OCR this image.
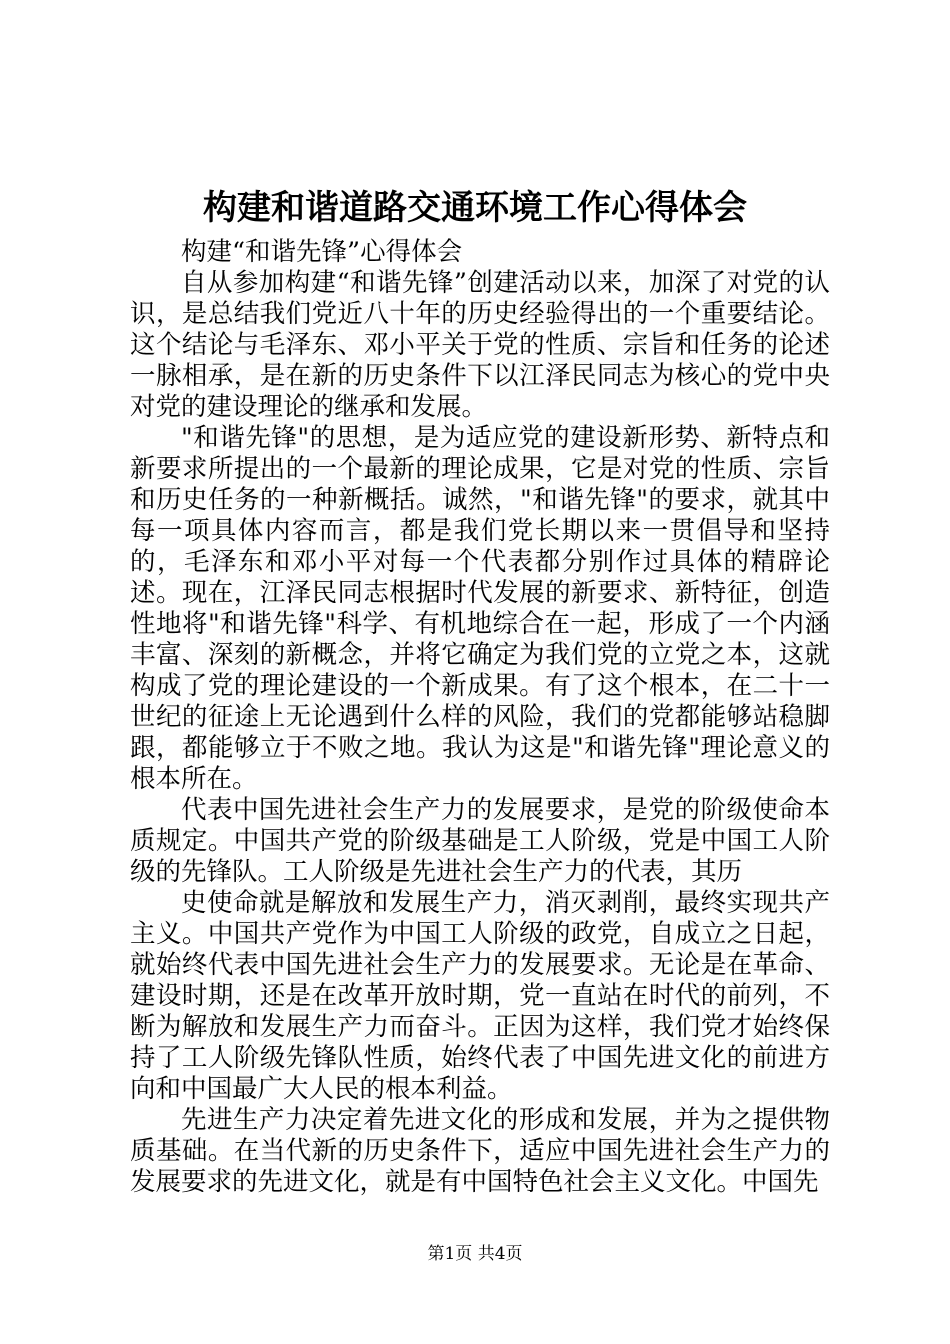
构建和谐道路交通环境工作心得体会

构建“和谐先锋”心得体会

自从参加构建“和谐先锋”创建活动以来，加深了对党的认识，是总结我们党近八十年的历史经验得出的一个重要结论。这个结论与毛泽东、邓小平关于党的性质、宗旨和任务的论述一脉相承，是在新的历史条件下以江泽民同志为核心的党中央对党的建设理论的继承和发展。

"和谐先锋"的思想，是为适应党的建设新形势、新特点和新要求所提出的一个最新的理论成果，它是对党的性质、宗旨和历史任务的一种新概括。诚然，"和谐先锋"的要求，就其中每一项具体内容而言，都是我们党长期以来一贯倡导和坚持的，毛泽东和邓小平对每一个代表都分别作过具体的精辟论述。现在，江泽民同志根据时代发展的新要求、新特征，创造性地将"和谐先锋"科学、有机地综合在一起，形成了一个内涵丰富、深刻的新概念，并将它确定为我们党的立党之本，这就构成了党的理论建设的一个新成果。有了这个根本，在二十一世纪的征途上无论遇到什么样的风险，我们的党都能够站稳脚跟，都能够立于不败之地。我认为这是"和谐先锋"理论意义的根本所在。

代表中国先进社会生产力的发展要求，是党的阶级使命本质规定。中国共产党的阶级基础是工人阶级，党是中国工人阶级的先锋队。工人阶级是先进社会生产力的代表，其历

史使命就是解放和发展生产力，消灭剥削，最终实现共产主义。中国共产党作为中国工人阶级的政党，自成立之日起，就始终代表中国先进社会生产力的发展要求。无论是在革命、建设时期，还是在改革开放时期，党一直站在时代的前列，不断为解放和发展生产力而奋斗。正因为这样，我们党才始终保持了工人阶级先锋队性质，始终代表了中国先进文化的前进方向和中国最广大人民的根本利益。

先进生产力决定着先进文化的形成和发展，并为之提供物质基础。在当代新的历史条件下，适应中国先进社会生产力的发展要求的先进文化，就是有中国特色社会主义文化。中国先

第1页 共4页
